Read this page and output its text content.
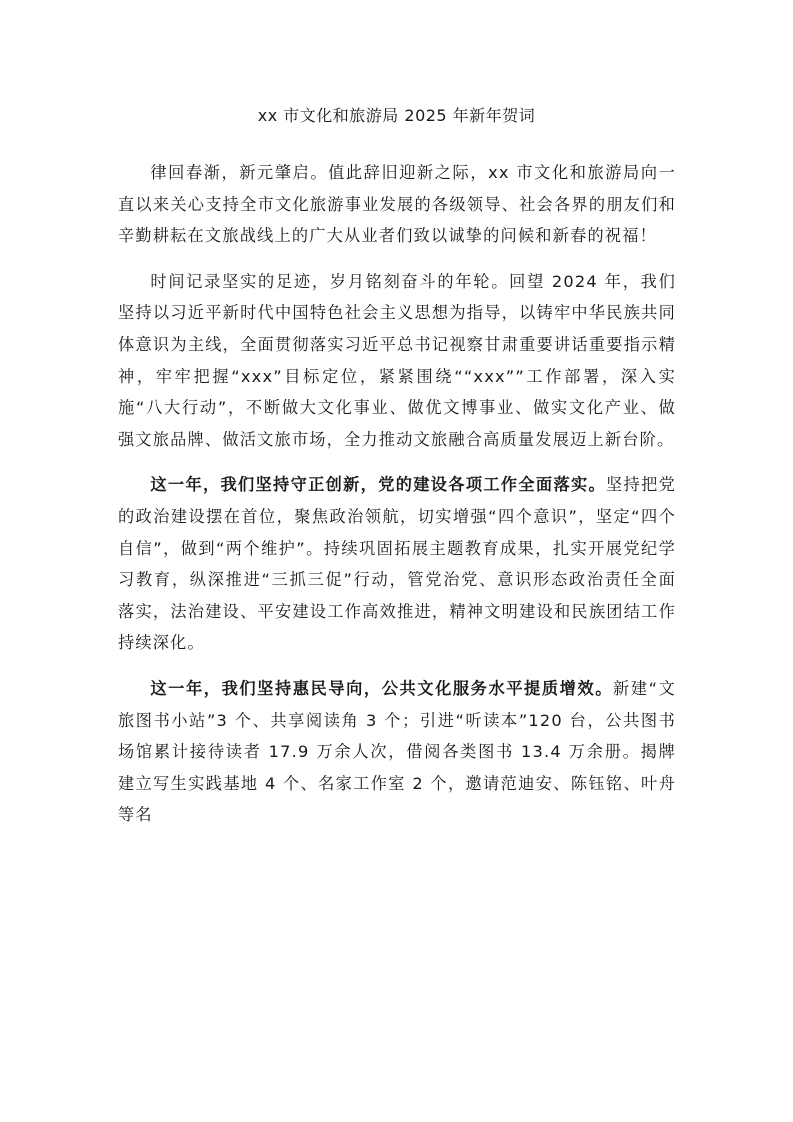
xx 市文化和旅游局 2025 年新年贺词

律回春渐，新元肇启。值此辞旧迎新之际，xx 市文化和旅游局向一直以来关心支持全市文化旅游事业发展的各级领导、社会各界的朋友们和辛勤耕耘在文旅战线上的广大从业者们致以诚挚的问候和新春的祝福！

时间记录坚实的足迹，岁月铭刻奋斗的年轮。回望 2024 年，我们坚持以习近平新时代中国特色社会主义思想为指导，以铸牢中华民族共同体意识为主线，全面贯彻落实习近平总书记视察甘肃重要讲话重要指示精神，牢牢把握“xxx”目标定位，紧紧围绕““xxx””工作部署，深入实施“八大行动”，不断做大文化事业、做优文博事业、做实文化产业、做强文旅品牌、做活文旅市场，全力推动文旅融合高质量发展迈上新台阶。

这一年，我们坚持守正创新，党的建设各项工作全面落实。坚持把党的政治建设摆在首位，聚焦政治领航，切实增强“四个意识”，坚定“四个自信”，做到“两个维护”。持续巩固拓展主题教育成果，扎实开展党纪学习教育，纵深推进“三抓三促”行动，管党治党、意识形态政治责任全面落实，法治建设、平安建设工作高效推进，精神文明建设和民族团结工作持续深化。

这一年，我们坚持惠民导向，公共文化服务水平提质增效。新建“文旅图书小站”3 个、共享阅读角 3 个；引进“听读本”120 台，公共图书场馆累计接待读者 17.9 万余人次，借阅各类图书 13.4 万余册。揭牌建立写生实践基地 4 个、名家工作室 2 个，邀请范迪安、陈钰铭、叶舟等名
